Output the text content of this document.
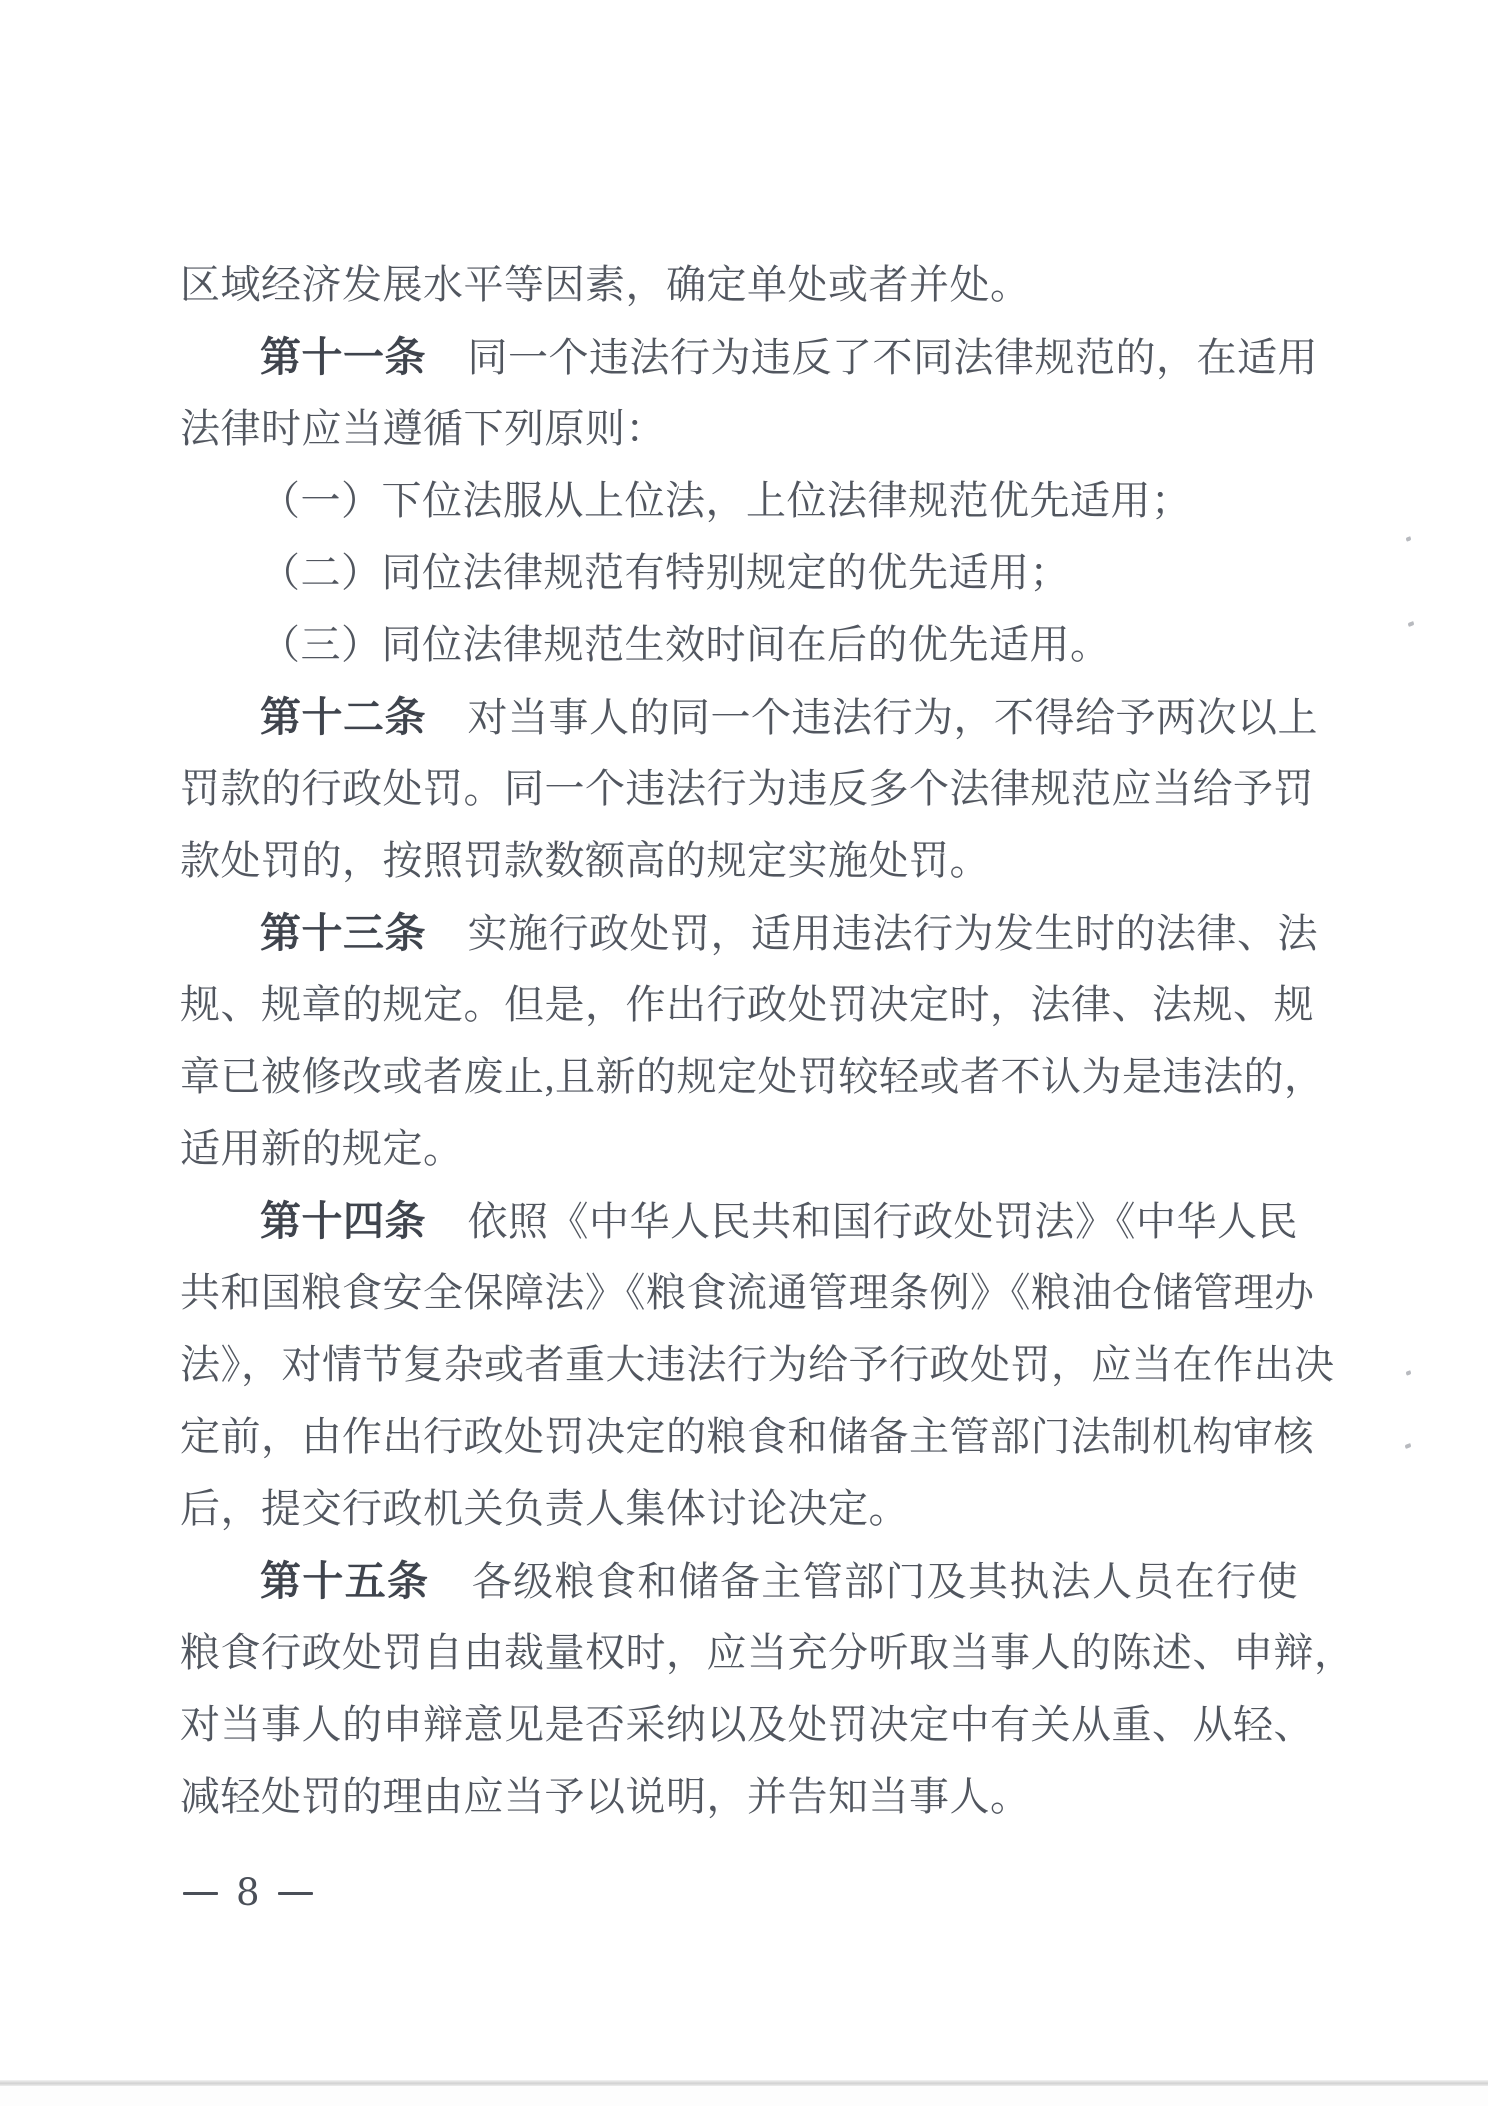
区域经济发展水平等因素，确定单处或者并处。
第十一条　同一个违法行为违反了不同法律规范的，在适用
法律时应当遵循下列原则：
（一）下位法服从上位法，上位法律规范优先适用；
（二）同位法律规范有特别规定的优先适用；
（三）同位法律规范生效时间在后的优先适用。
第十二条　对当事人的同一个违法行为，不得给予两次以上
罚款的行政处罚。同一个违法行为违反多个法律规范应当给予罚
款处罚的，按照罚款数额高的规定实施处罚。
第十三条　实施行政处罚，适用违法行为发生时的法律、法
规、规章的规定。但是，作出行政处罚决定时，法律、法规、规
章已被修改或者废止,且新的规定处罚较轻或者不认为是违法的，
适用新的规定。
第十四条　依照《中华人民共和国行政处罚法》《中华人民
共和国粮食安全保障法》《粮食流通管理条例》《粮油仓储管理办
法》，对情节复杂或者重大违法行为给予行政处罚，应当在作出决
定前，由作出行政处罚决定的粮食和储备主管部门法制机构审核
后，提交行政机关负责人集体讨论决定。
第十五条　各级粮食和储备主管部门及其执法人员在行使
粮食行政处罚自由裁量权时，应当充分听取当事人的陈述、申辩，
对当事人的申辩意见是否采纳以及处罚决定中有关从重、从轻、
减轻处罚的理由应当予以说明，并告知当事人。
8
